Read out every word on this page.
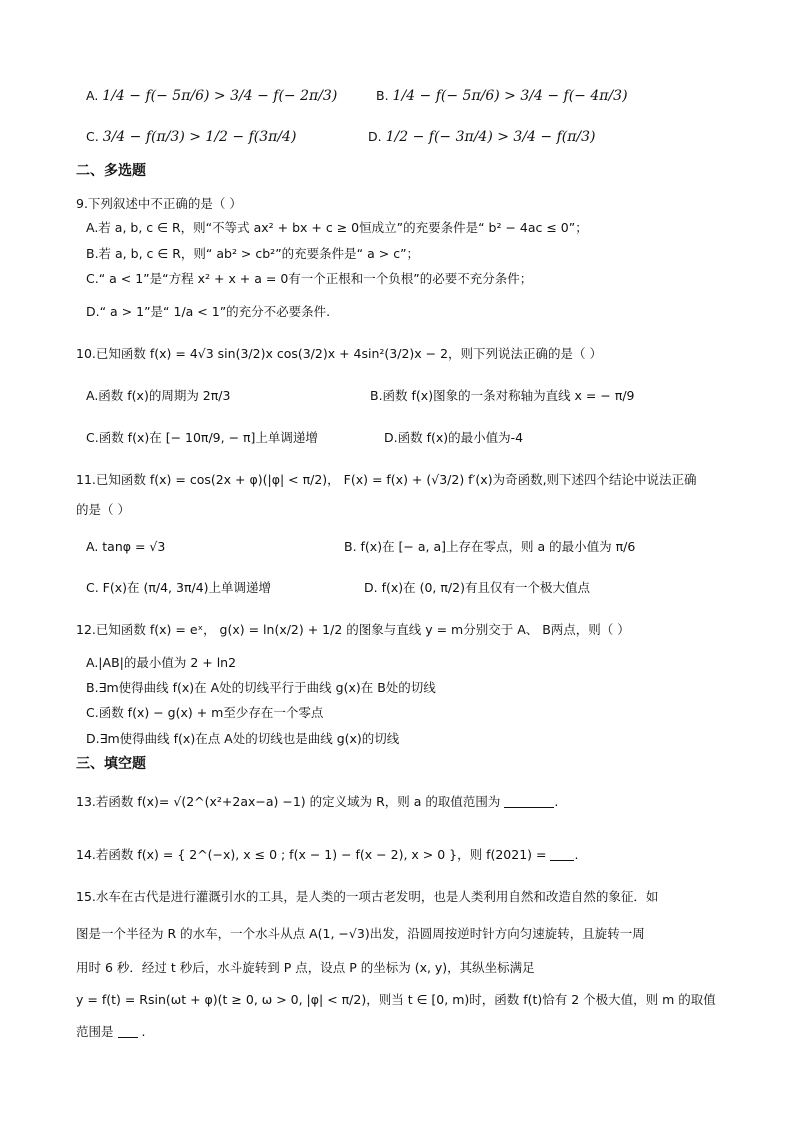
A. 1/4 − f(− 5π/6) > 3/4 − f(− 2π/3)	B. 1/4 − f(− 5π/6) > 3/4 − f(− 4π/3)
C. 3/4 − f(π/3) > 1/2 − f(3π/4)	D. 1/2 − f(− 3π/4) > 3/4 − f(π/3)
二、多选题
9.下列叙述中不正确的是（ ）
A.若 a, b, c ∈ R，则“不等式 ax² + bx + c ≥ 0恒成立”的充要条件是“ b² − 4ac ≤ 0”；
B.若 a, b, c ∈ R，则“ ab² > cb²”的充要条件是“ a > c”；
C.“ a < 1”是“方程 x² + x + a = 0有一个正根和一个负根”的必要不充分条件；
D.“ a > 1”是“ 1/a < 1”的充分不必要条件.
10.已知函数 f(x) = 4√3 sin(3/2)x cos(3/2)x + 4sin²(3/2)x − 2，则下列说法正确的是（ ）
A.函数 f(x)的周期为 2π/3	B.函数 f(x)图象的一条对称轴为直线 x = − π/9
C.函数 f(x)在 [− 10π/9, − π]上单调递增	D.函数 f(x)的最小值为-4
11.已知函数 f(x) = cos(2x + φ)(|φ| < π/2)， F(x) = f(x) + (√3/2) f′(x)为奇函数,则下述四个结论中说法正确
的是（ ）
A. tanφ = √3	B. f(x)在 [− a, a]上存在零点，则 a 的最小值为 π/6
C. F(x)在 (π/4, 3π/4)上单调递增	D. f(x)在 (0, π/2)有且仅有一个极大值点
12.已知函数 f(x) = eˣ， g(x) = ln(x/2) + 1/2 的图象与直线 y = m分别交于 A、 B两点，则（ ）
A.|AB|的最小值为 2 + ln2
B.∃m使得曲线 f(x)在 A处的切线平行于曲线 g(x)在 B处的切线
C.函数 f(x) − g(x) + m至少存在一个零点
D.∃m使得曲线 f(x)在点 A处的切线也是曲线 g(x)的切线
三、填空题
13.若函数 f(x)= √(2^(x²+2ax−a) −1) 的定义域为 R，则 a 的取值范围为	.
14.若函数 f(x) = { 2^(−x), x ≤ 0 ; f(x − 1) − f(x − 2), x > 0 }，则 f(2021) = .
15.水车在古代是进行灌溉引水的工具，是人类的一项古老发明，也是人类利用自然和改造自然的象征．如
图是一个半径为 R 的水车，一个水斗从点 A(1, −√3)出发，沿圆周按逆时针方向匀速旋转，且旋转一周
用时 6 秒．经过 t 秒后，水斗旋转到 P 点，设点 P 的坐标为 (x, y)，其纵坐标满足
y = f(t) = Rsin(ωt + φ)(t ≥ 0, ω > 0, |φ| < π/2)，则当 t ∈ [0, m)时，函数 f(t)恰有 2 个极大值，则 m 的取值
范围是 .
